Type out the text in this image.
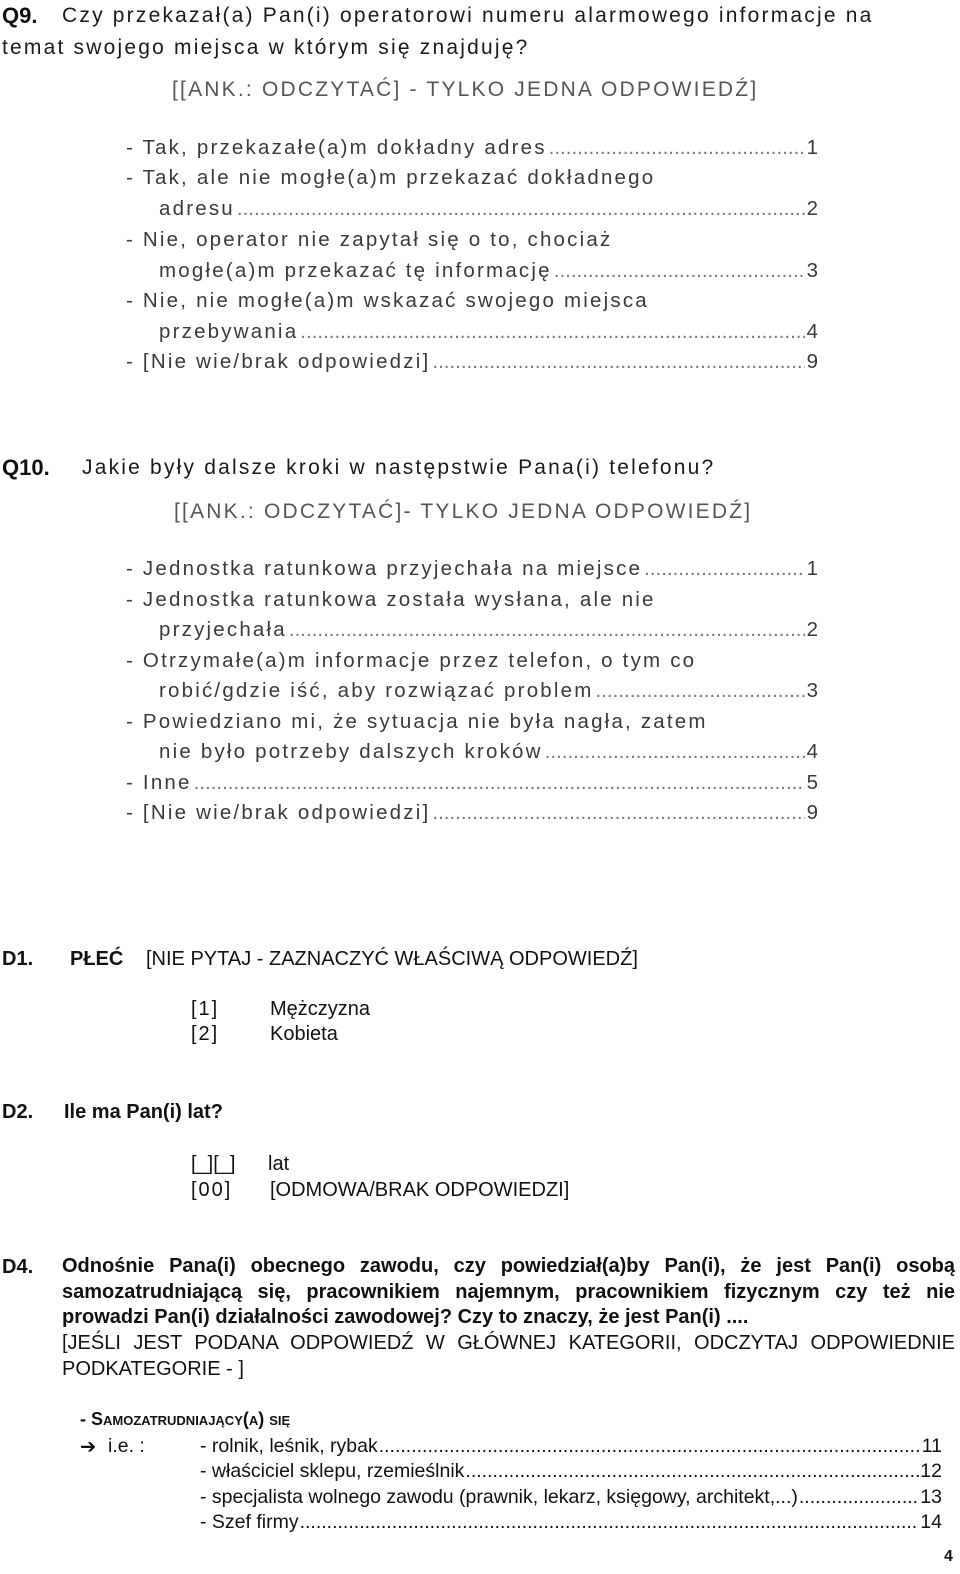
Q9. Czy przekazał(a) Pan(i) operatorowi numeru alarmowego informacje na
temat swojego miejsca w którym się znajduję?
[[ANK.: ODCZYTAĆ] - TYLKO JEDNA ODPOWIEDŹ]
- Tak, przekazałe(a)m dokładny adres .....	1
- Tak, ale nie mogłe(a)m przekazać dokładnego
adresu .....	2
- Nie, operator nie zapytał się o to, chociaż
mogłe(a)m przekazać tę informację .....	3
- Nie, nie mogłe(a)m wskazać swojego miejsca
przebywania .....	4
- [Nie wie/brak odpowiedzi] .....	9
Q10. Jakie były dalsze kroki w następstwie Pana(i) telefonu?
[[ANK.: ODCZYTAĆ]- TYLKO JEDNA ODPOWIEDŹ]
- Jednostka ratunkowa przyjechała na miejsce .....	1
- Jednostka ratunkowa została wysłana, ale nie
przyjechała .....	2
- Otrzymałe(a)m informacje przez telefon, o tym co
robić/gdzie iść, aby rozwiązać problem .....	3
- Powiedziano mi, że sytuacja nie była nagła, zatem
nie było potrzeby dalszych kroków .....	4
- Inne .....	5
- [Nie wie/brak odpowiedzi] .....	9
D1. PŁEĆ [NIE PYTAJ - ZAZNACZYĆ WŁAŚCIWĄ ODPOWIEDŹ]
[1]	Mężczyzna
[2]	Kobieta
D2. Ile ma Pan(i) lat?
[_][_] lat
[00] [ODMOWA/BRAK ODPOWIEDZI]
D4. Odnośnie Pana(i) obecnego zawodu, czy powiedział(a)by Pan(i), że jest Pan(i) osobą samozatrudniającą się, pracownikiem najemnym, pracownikiem fizycznym czy też nie prowadzi Pan(i) działalności zawodowej? Czy to znaczy, że jest Pan(i) ....
[JEŚLI JEST PODANA ODPOWIEDŹ W GŁÓWNEJ KATEGORII, ODCZYTAJ ODPOWIEDNIE PODKATEGORIE - ]
- Samozatrudniający(a) się
➔ i.e. :	- rolnik, leśnik, rybak .....	11
- właściciel sklepu, rzemieślnik .....	12
- specjalista wolnego zawodu (prawnik, lekarz, księgowy, architekt,...) .....	13
- Szef firmy .....	14
4
